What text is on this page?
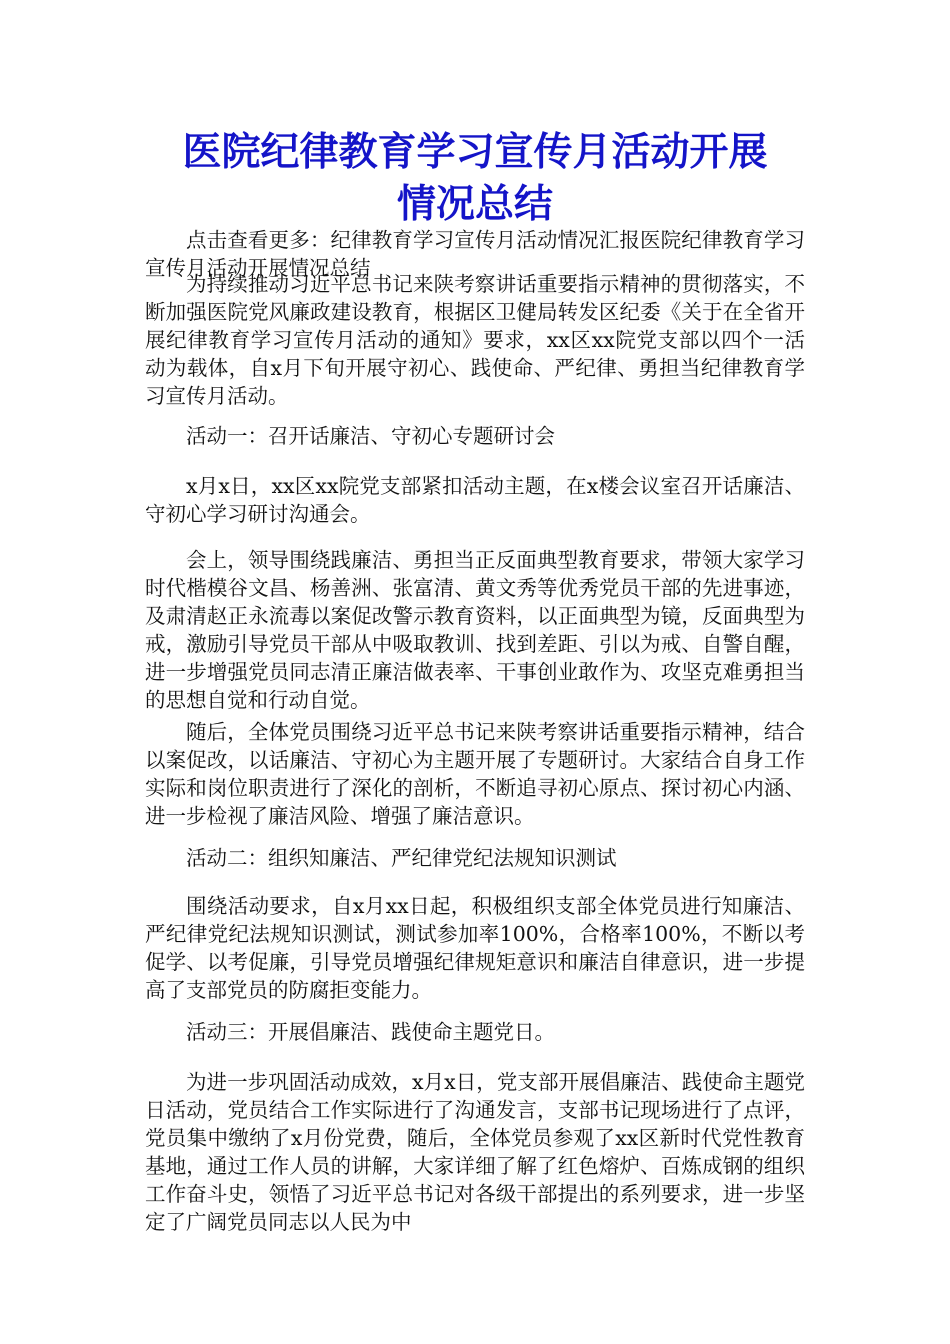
医院纪律教育学习宣传月活动开展
情况总结

点击查看更多：纪律教育学习宣传月活动情况汇报医院纪律教育学习宣传月活动开展情况总结

为持续推动习近平总书记来陕考察讲话重要指示精神的贯彻落实，不断加强医院党风廉政建设教育，根据区卫健局转发区纪委《关于在全省开展纪律教育学习宣传月活动的通知》要求，xx区xx院党支部以四个一活动为载体，自x月下旬开展守初心、践使命、严纪律、勇担当纪律教育学习宣传月活动。

活动一：召开话廉洁、守初心专题研讨会

x月x日，xx区xx院党支部紧扣活动主题，在x楼会议室召开话廉洁、守初心学习研讨沟通会。

会上，领导围绕践廉洁、勇担当正反面典型教育要求，带领大家学习时代楷模谷文昌、杨善洲、张富清、黄文秀等优秀党员干部的先进事迹，及肃清赵正永流毒以案促改警示教育资料，以正面典型为镜，反面典型为戒，激励引导党员干部从中吸取教训、找到差距、引以为戒、自警自醒，进一步增强党员同志清正廉洁做表率、干事创业敢作为、攻坚克难勇担当的思想自觉和行动自觉。

随后，全体党员围绕习近平总书记来陕考察讲话重要指示精神，结合以案促改，以话廉洁、守初心为主题开展了专题研讨。大家结合自身工作实际和岗位职责进行了深化的剖析，不断追寻初心原点、探讨初心内涵、进一步检视了廉洁风险、增强了廉洁意识。

活动二：组织知廉洁、严纪律党纪法规知识测试

围绕活动要求，自x月xx日起，积极组织支部全体党员进行知廉洁、严纪律党纪法规知识测试，测试参加率100%，合格率100%，不断以考促学、以考促廉，引导党员增强纪律规矩意识和廉洁自律意识，进一步提高了支部党员的防腐拒变能力。

活动三：开展倡廉洁、践使命主题党日。

为进一步巩固活动成效，x月x日，党支部开展倡廉洁、践使命主题党日活动，党员结合工作实际进行了沟通发言，支部书记现场进行了点评，党员集中缴纳了x月份党费，随后，全体党员参观了xx区新时代党性教育基地，通过工作人员的讲解，大家详细了解了红色熔炉、百炼成钢的组织工作奋斗史，领悟了习近平总书记对各级干部提出的系列要求，进一步坚定了广阔党员同志以人民为中
